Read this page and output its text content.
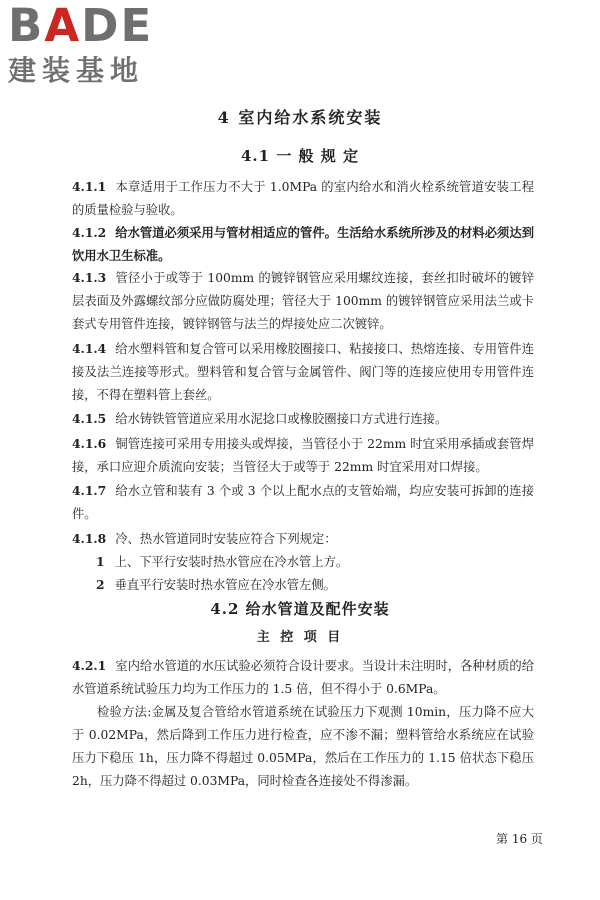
BADE
建装基地
4 室内给水系统安装
4.1 一 般 规 定

4.1.1 本章适用于工作压力不大于 1.0MPa 的室内给水和消火栓系统管道安装工程的质量检验与验收。

4.1.2 给水管道必须采用与管材相适应的管件。生活给水系统所涉及的材料必须达到饮用水卫生标准。

4.1.3 管径小于或等于 100mm 的镀锌钢管应采用螺纹连接，套丝扣时破坏的镀锌层表面及外露螺纹部分应做防腐处理；管径大于 100mm 的镀锌钢管应采用法兰或卡套式专用管件连接，镀锌钢管与法兰的焊接处应二次镀锌。

4.1.4 给水塑料管和复合管可以采用橡胶圈接口、粘接接口、热熔连接、专用管件连接及法兰连接等形式。塑料管和复合管与金属管件、阀门等的连接应使用专用管件连接，不得在塑料管上套丝。

4.1.5 给水铸铁管管道应采用水泥捻口或橡胶圈接口方式进行连接。

4.1.6 铜管连接可采用专用接头或焊接，当管径小于 22mm 时宜采用承插或套管焊接，承口应迎介质流向安装；当管径大于或等于 22mm 时宜采用对口焊接。

4.1.7 给水立管和装有 3 个或 3 个以上配水点的支管始端，均应安装可拆卸的连接件。

4.1.8 冷、热水管道同时安装应符合下列规定：

1 上、下平行安装时热水管应在冷水管上方。

2 垂直平行安装时热水管应在冷水管左侧。

4.2 给水管道及配件安装
主 控 项 目

4.2.1 室内给水管道的水压试验必须符合设计要求。当设计未注明时，各种材质的给水管道系统试验压力均为工作压力的 1.5 倍，但不得小于 0.6MPa。

检验方法:金属及复合管给水管道系统在试验压力下观测 10min，压力降不应大于 0.02MPa，然后降到工作压力进行检查，应不渗不漏；塑料管给水系统应在试验压力下稳压 1h，压力降不得超过 0.05MPa，然后在工作压力的 1.15 倍状态下稳压 2h，压力降不得超过 0.03MPa，同时检查各连接处不得渗漏。

第 16 页
